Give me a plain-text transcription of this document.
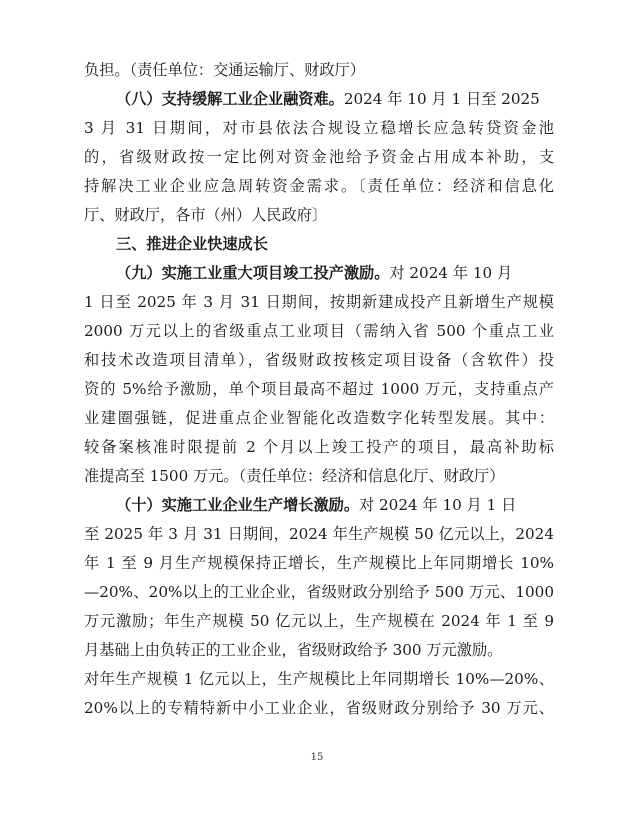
负担。（责任单位：交通运输厅、财政厅）
（八）支持缓解工业企业融资难。2024 年 10 月 1 日至 2025
3 月 31 日期间，对市县依法合规设立稳增长应急转贷资金池
的，省级财政按一定比例对资金池给予资金占用成本补助，支
持解决工业企业应急周转资金需求。〔责任单位：经济和信息化
厅、财政厅，各市（州）人民政府〕
三、推进企业快速成长
（九）实施工业重大项目竣工投产激励。对 2024 年 10 月
1 日至 2025 年 3 月 31 日期间，按期新建成投产且新增生产规模
2000 万元以上的省级重点工业项目（需纳入省 500 个重点工业
和技术改造项目清单），省级财政按核定项目设备（含软件）投
资的 5%给予激励，单个项目最高不超过 1000 万元，支持重点产
业建圈强链，促进重点企业智能化改造数字化转型发展。其中：
较备案核准时限提前 2 个月以上竣工投产的项目，最高补助标
准提高至 1500 万元。（责任单位：经济和信息化厅、财政厅）
（十）实施工业企业生产增长激励。对 2024 年 10 月 1 日
至 2025 年 3 月 31 日期间，2024 年生产规模 50 亿元以上，2024
年 1 至 9 月生产规模保持正增长，生产规模比上年同期增长 10%
—20%、20%以上的工业企业，省级财政分别给予 500 万元、1000
万元激励；年生产规模 50 亿元以上，生产规模在 2024 年 1 至 9
月基础上由负转正的工业企业，省级财政给予 300 万元激励。
对年生产规模 1 亿元以上，生产规模比上年同期增长 10%—20%、
20%以上的专精特新中小工业企业，省级财政分别给予 30 万元、
15
